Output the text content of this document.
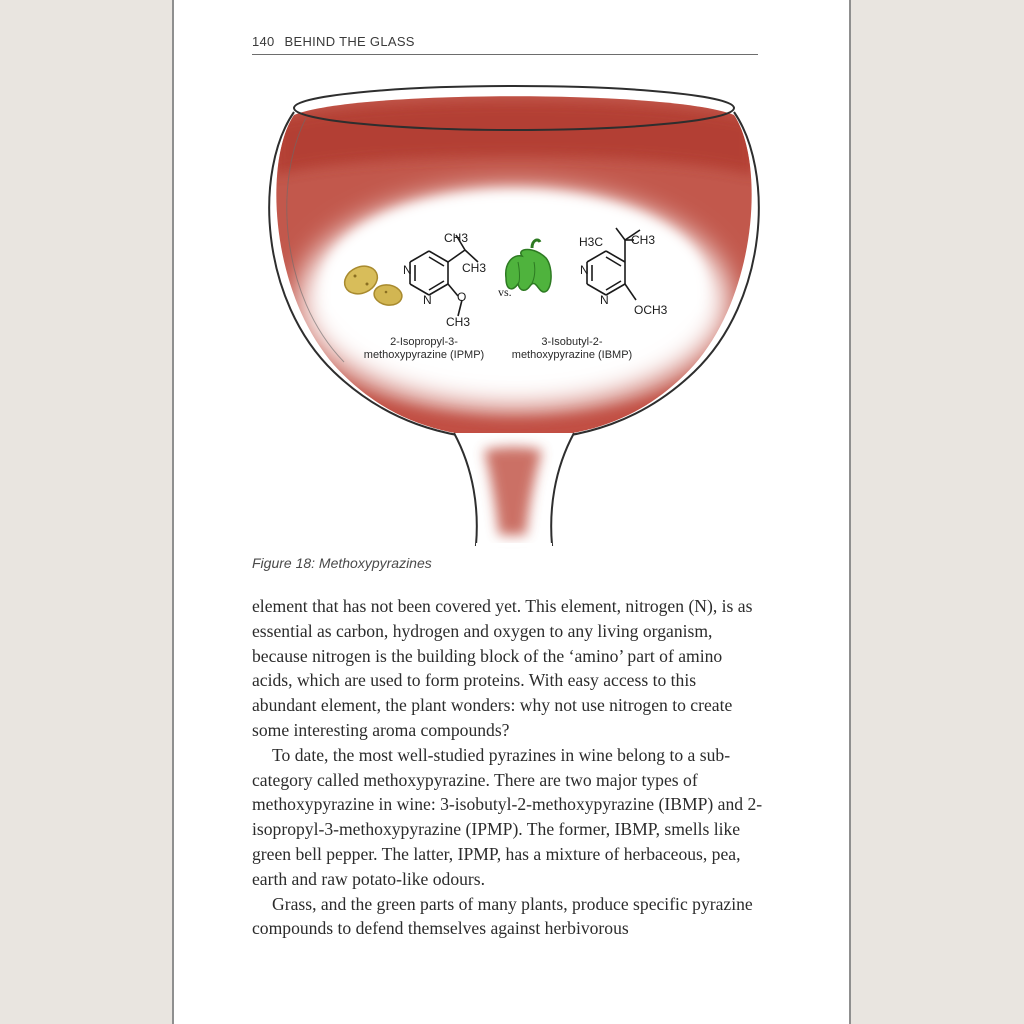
140 BEHIND THE GLASS
CH3
CH3
N
N O
CH3
vs.
H3C CH3
N
N
OCH3
2-Isopropyl-3-
methoxypyrazine (IPMP)
3-Isobutyl-2-
methoxypyrazine (IBMP)
Figure 18: Methoxypyrazines

element that has not been covered yet. This element, nitrogen (N), is as essential as carbon, hydrogen and oxygen to any living organism, because nitrogen is the building block of the ‘amino’ part of amino acids, which are used to form proteins. With easy access to this abundant element, the plant wonders: why not use nitrogen to create some interesting aroma compounds?

To date, the most well-studied pyrazines in wine belong to a sub-category called methoxypyrazine. There are two major types of methoxypyrazine in wine: 3-isobutyl-2-methoxypyrazine (IBMP) and 2-isopropyl-3-methoxypyrazine (IPMP). The former, IBMP, smells like green bell pepper. The latter, IPMP, has a mixture of herbaceous, pea, earth and raw potato-like odours.

Grass, and the green parts of many plants, produce specific pyrazine compounds to defend themselves against herbivorous
